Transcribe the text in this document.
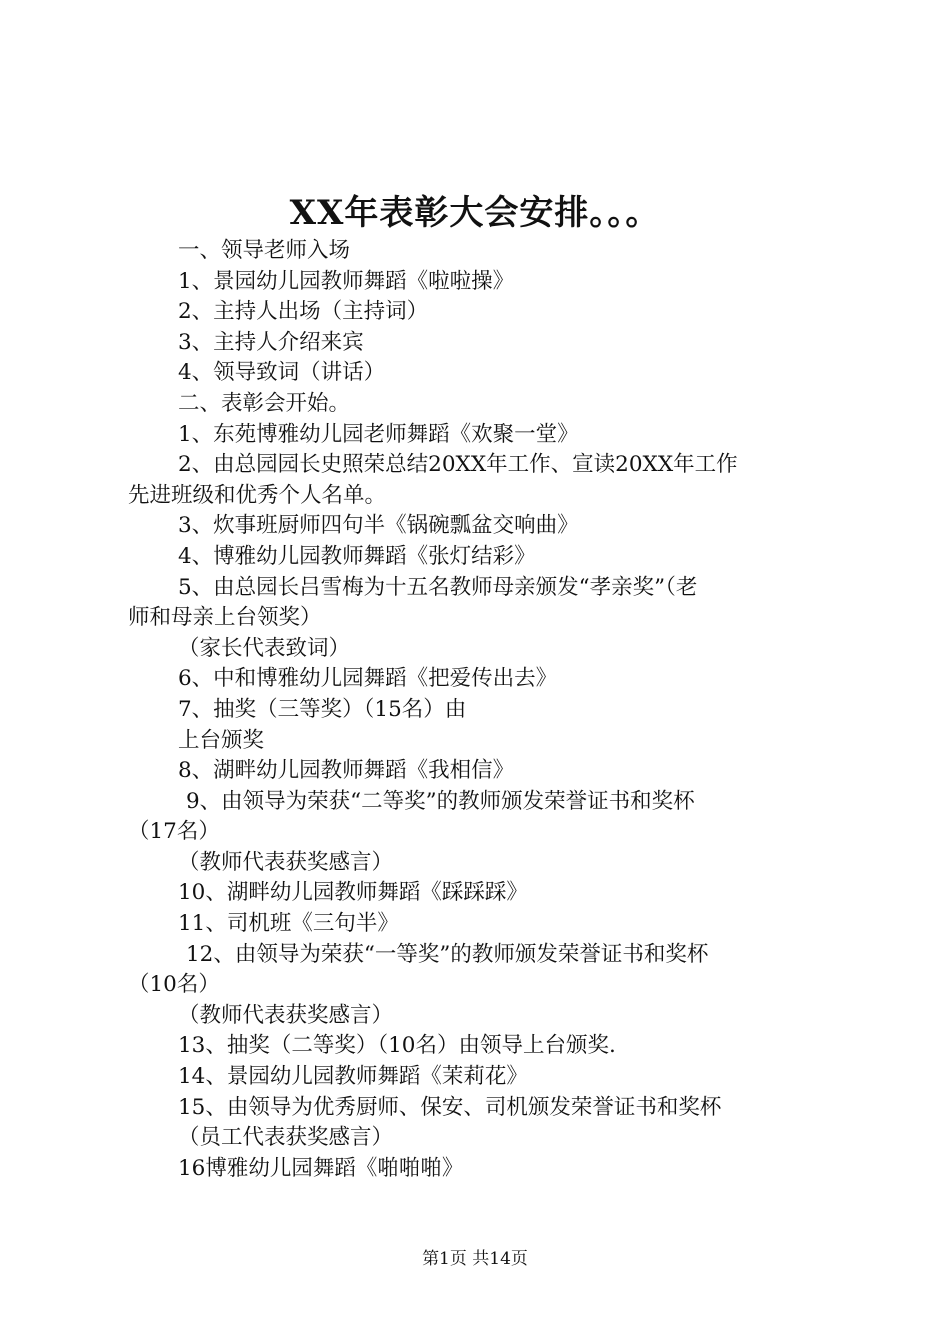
XX年表彰大会安排。。。
一、领导老师入场
1、景园幼儿园教师舞蹈《啦啦操》
2、主持人出场（主持词）
3、主持人介绍来宾
4、领导致词（讲话）
二、表彰会开始。
1、东苑博雅幼儿园老师舞蹈《欢聚一堂》
2、由总园园长史照荣总结20XX年工作、宣读20XX年工作
先进班级和优秀个人名单。
3、炊事班厨师四句半《锅碗瓢盆交响曲》
4、博雅幼儿园教师舞蹈《张灯结彩》
5、由总园长吕雪梅为十五名教师母亲颁发“孝亲奖”（老
师和母亲上台领奖）
（家长代表致词）
6、中和博雅幼儿园舞蹈《把爱传出去》
7、抽奖（三等奖）（15名）由
上台颁奖
8、湖畔幼儿园教师舞蹈《我相信》
9、由领导为荣获“二等奖”的教师颁发荣誉证书和奖杯
（17名）
（教师代表获奖感言）
10、湖畔幼儿园教师舞蹈《踩踩踩》
11、司机班《三句半》
12、由领导为荣获“一等奖”的教师颁发荣誉证书和奖杯
（10名）
（教师代表获奖感言）
13、抽奖（二等奖）（10名）由领导上台颁奖.
14、景园幼儿园教师舞蹈《茉莉花》
15、由领导为优秀厨师、保安、司机颁发荣誉证书和奖杯
（员工代表获奖感言）
16博雅幼儿园舞蹈《啪啪啪》
第1页 共14页
